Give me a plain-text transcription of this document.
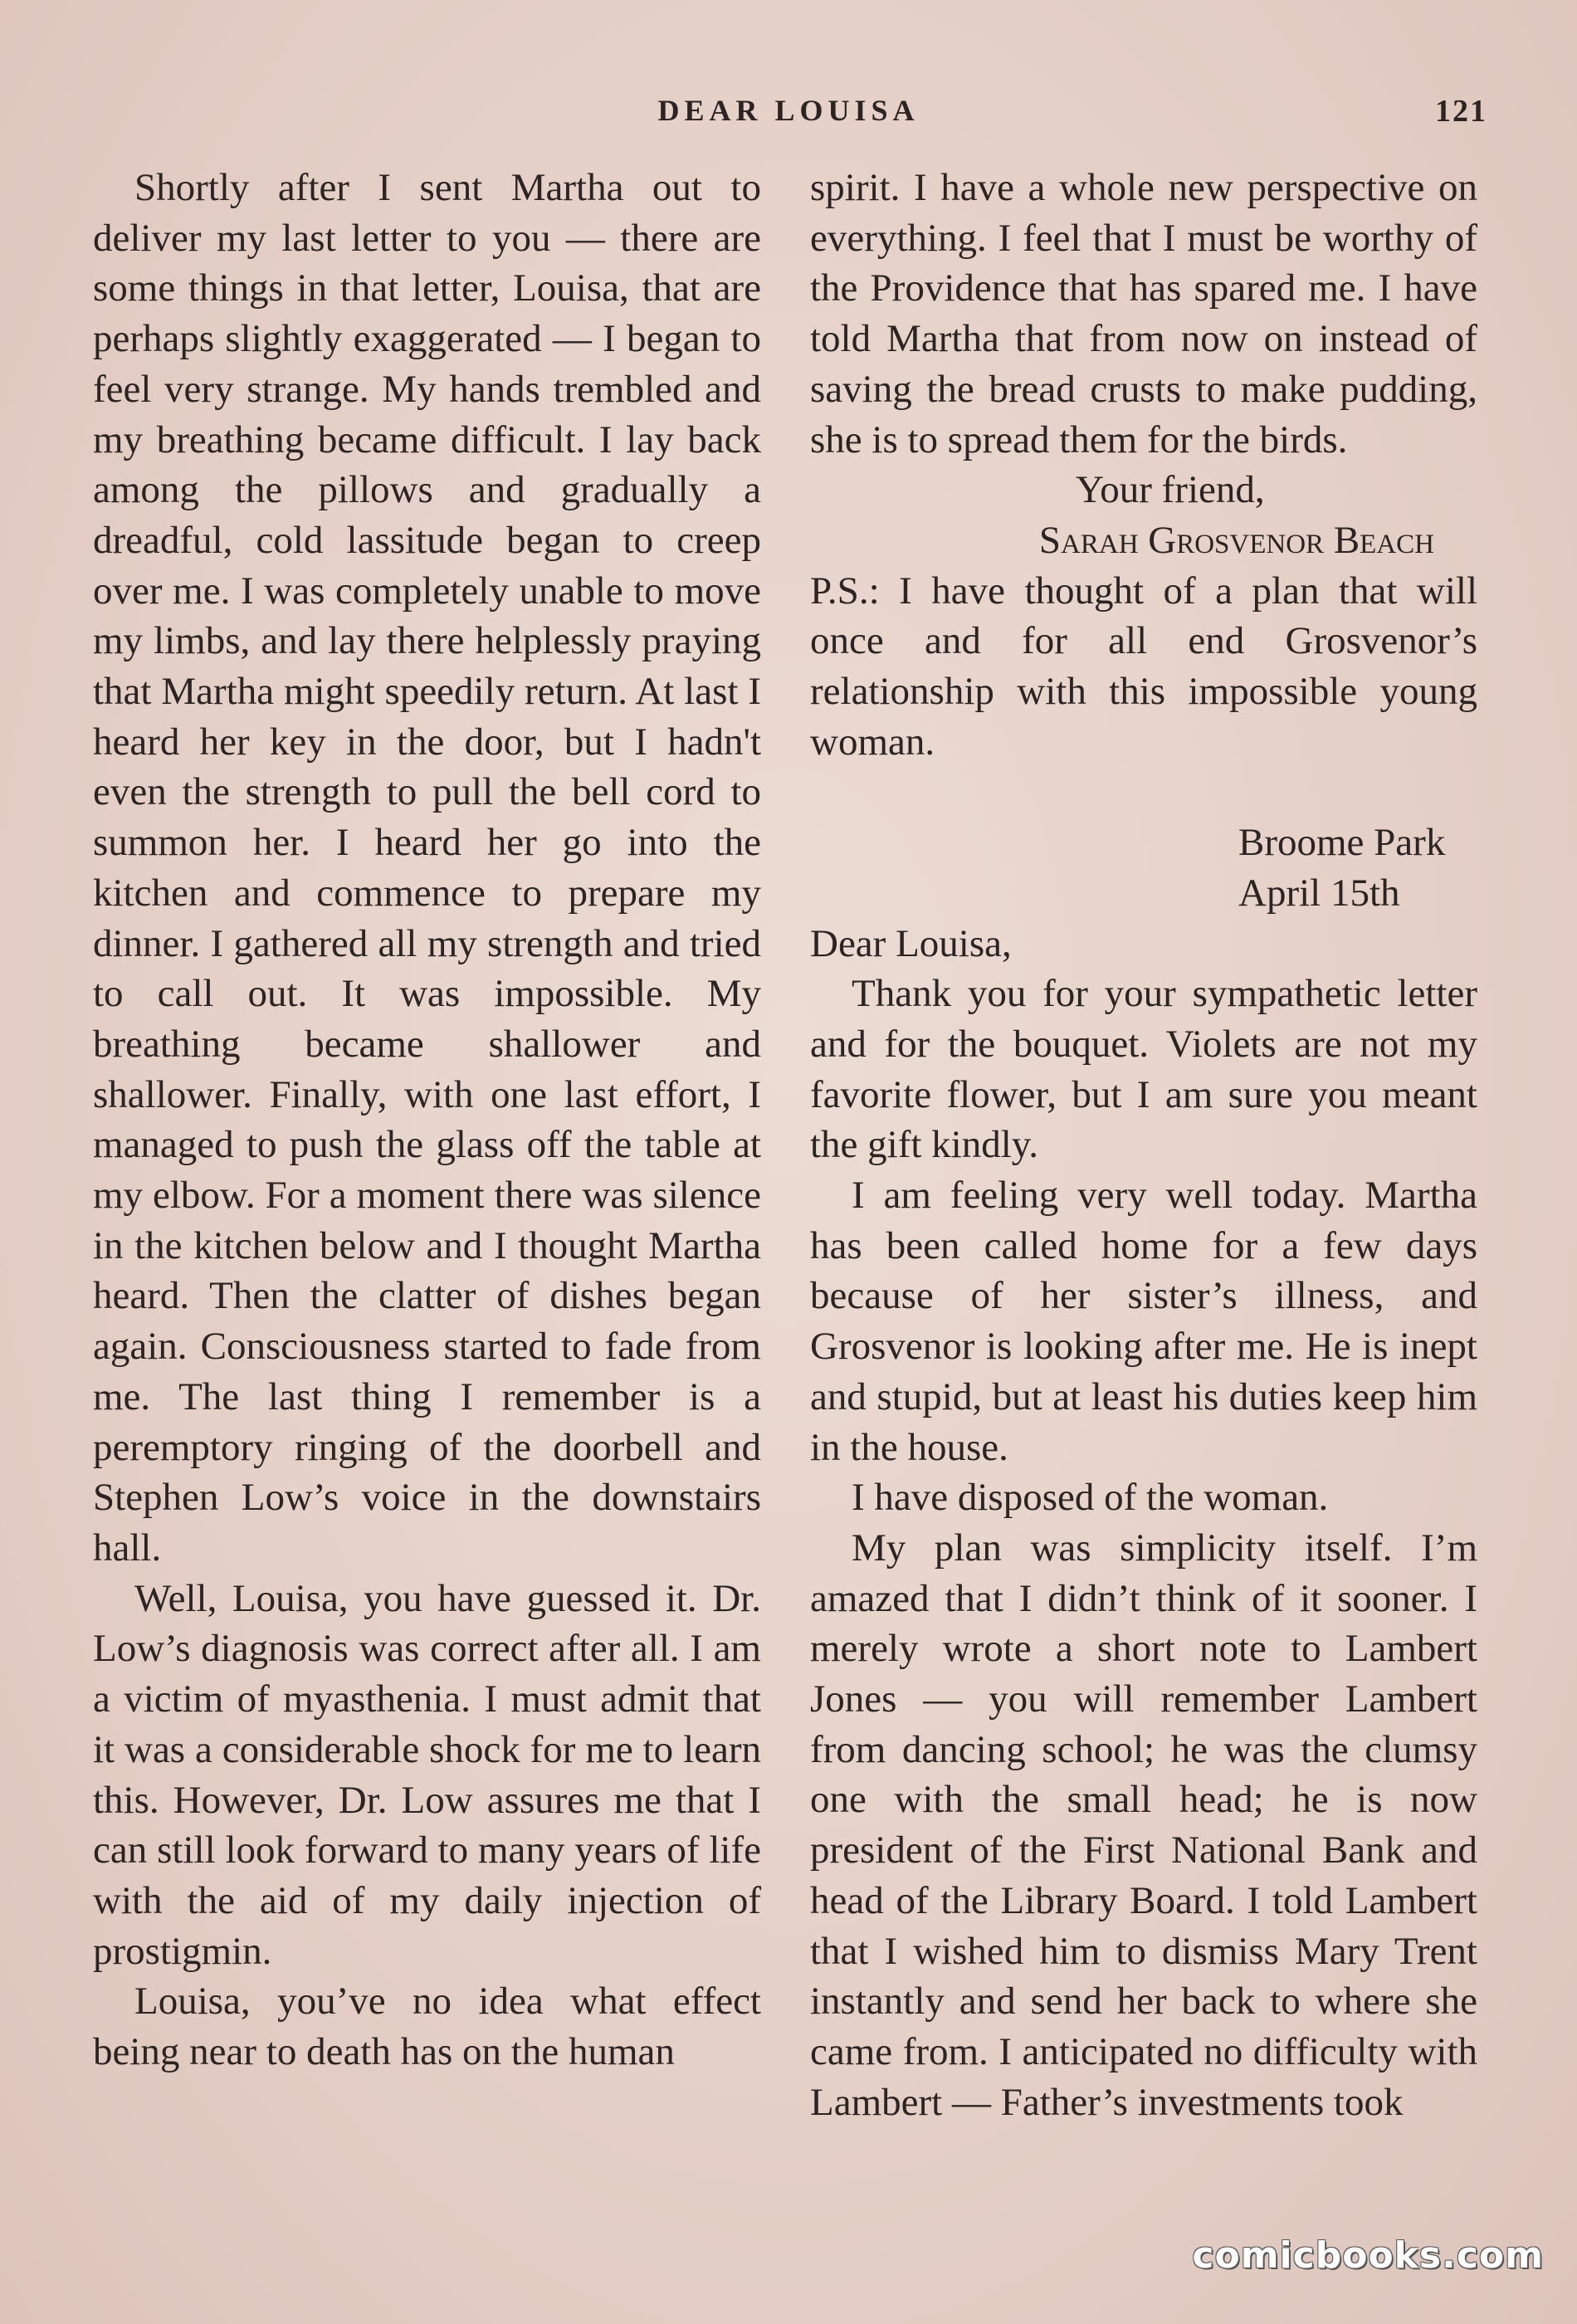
DEAR LOUISA	121

Shortly after I sent Martha out to deliver my last letter to you — there are some things in that letter, Louisa, that are perhaps slightly exaggerated — I began to feel very strange. My hands trembled and my breathing became difficult. I lay back among the pillows and gradually a dreadful, cold lassitude began to creep over me. I was completely unable to move my limbs, and lay there helplessly praying that Martha might speedily return. At last I heard her key in the door, but I hadn't even the strength to pull the bell cord to summon her. I heard her go into the kitchen and commence to prepare my dinner. I gathered all my strength and tried to call out. It was impossible. My breathing became shallower and shallower. Finally, with one last effort, I managed to push the glass off the table at my elbow. For a moment there was silence in the kitchen below and I thought Martha heard. Then the clatter of dishes began again. Consciousness started to fade from me. The last thing I remember is a peremptory ringing of the doorbell and Stephen Low’s voice in the downstairs hall.

Well, Louisa, you have guessed it. Dr. Low’s diagnosis was correct after all. I am a victim of myasthenia. I must admit that it was a considerable shock for me to learn this. However, Dr. Low assures me that I can still look forward to many years of life with the aid of my daily injection of prostigmin.

Louisa, you’ve no idea what effect being near to death has on the human

spirit. I have a whole new perspective on everything. I feel that I must be worthy of the Providence that has spared me. I have told Martha that from now on instead of saving the bread crusts to make pudding, she is to spread them for the birds.

Your friend,

Sarah Grosvenor Beach

P.S.: I have thought of a plan that will once and for all end Grosvenor’s relationship with this impossible young woman.

Broome Park

April 15th

Dear Louisa,

Thank you for your sympathetic letter and for the bouquet. Violets are not my favorite flower, but I am sure you meant the gift kindly.

I am feeling very well today. Martha has been called home for a few days because of her sister’s illness, and Grosvenor is looking after me. He is inept and stupid, but at least his duties keep him in the house.

I have disposed of the woman.

My plan was simplicity itself. I’m amazed that I didn’t think of it sooner. I merely wrote a short note to Lambert Jones — you will remember Lambert from dancing school; he was the clumsy one with the small head; he is now president of the First National Bank and head of the Library Board. I told Lambert that I wished him to dismiss Mary Trent instantly and send her back to where she came from. I anticipated no difficulty with Lambert — Father’s investments took

comicbooks.com
